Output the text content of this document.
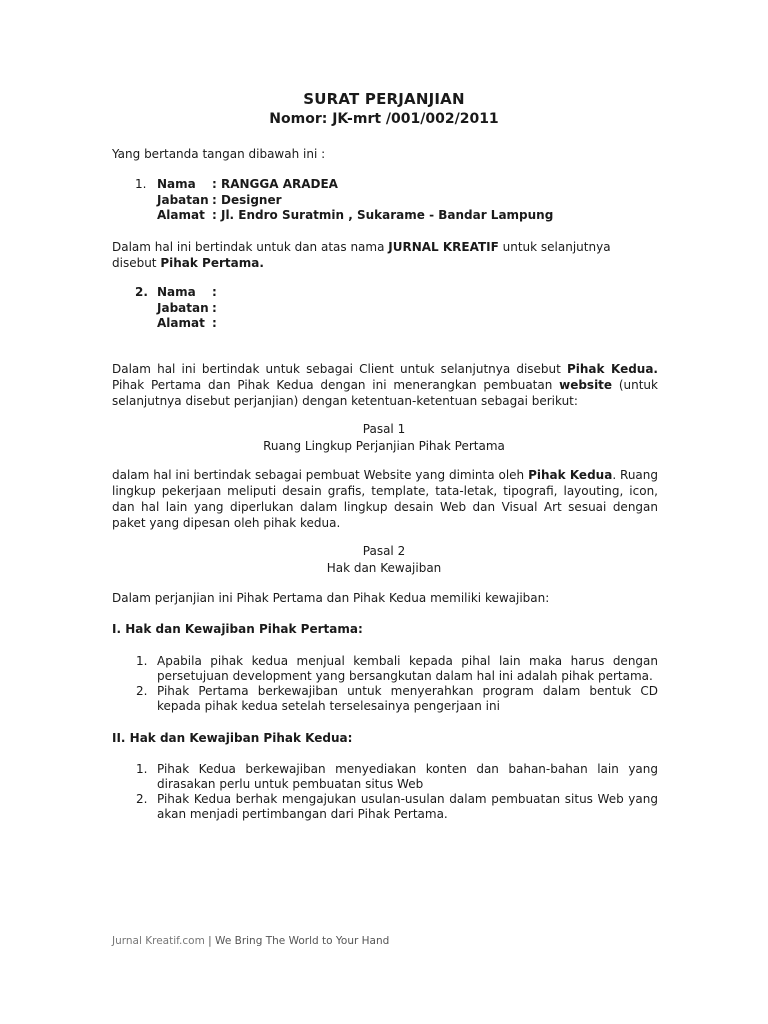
SURAT PERJANJIAN
Nomor: JK-mrt /001/002/2011
Yang bertanda tangan dibawah ini :
1. Nama : RANGGA ARADEA
Jabatan : Designer
Alamat : Jl. Endro Suratmin , Sukarame - Bandar Lampung
Dalam hal ini bertindak untuk dan atas nama JURNAL KREATIF untuk selanjutnya disebut Pihak Pertama.
2. Nama :
Jabatan :
Alamat :
Dalam hal ini bertindak untuk sebagai Client untuk selanjutnya disebut Pihak Kedua. Pihak Pertama dan Pihak Kedua dengan ini menerangkan pembuatan website (untuk selanjutnya disebut perjanjian) dengan ketentuan-ketentuan sebagai berikut:
Pasal 1
Ruang Lingkup Perjanjian Pihak Pertama
dalam hal ini bertindak sebagai pembuat Website yang diminta oleh Pihak Kedua. Ruang lingkup pekerjaan meliputi desain grafis, template, tata-letak, tipografi, layouting, icon, dan hal lain yang diperlukan dalam lingkup desain Web dan Visual Art sesuai dengan paket yang dipesan oleh pihak kedua.
Pasal 2
Hak dan Kewajiban
Dalam perjanjian ini Pihak Pertama dan Pihak Kedua memiliki kewajiban:
I. Hak dan Kewajiban Pihak Pertama:
1. Apabila pihak kedua menjual kembali kepada pihal lain maka harus dengan persetujuan development yang bersangkutan dalam hal ini adalah pihak pertama.
2. Pihak Pertama berkewajiban untuk menyerahkan program dalam bentuk CD kepada pihak kedua setelah terselesainya pengerjaan ini
II. Hak dan Kewajiban Pihak Kedua:
1. Pihak Kedua berkewajiban menyediakan konten dan bahan-bahan lain yang dirasakan perlu untuk pembuatan situs Web
2. Pihak Kedua berhak mengajukan usulan-usulan dalam pembuatan situs Web yang akan menjadi pertimbangan dari Pihak Pertama.
Jurnal Kreatif.com | We Bring The World to Your Hand
